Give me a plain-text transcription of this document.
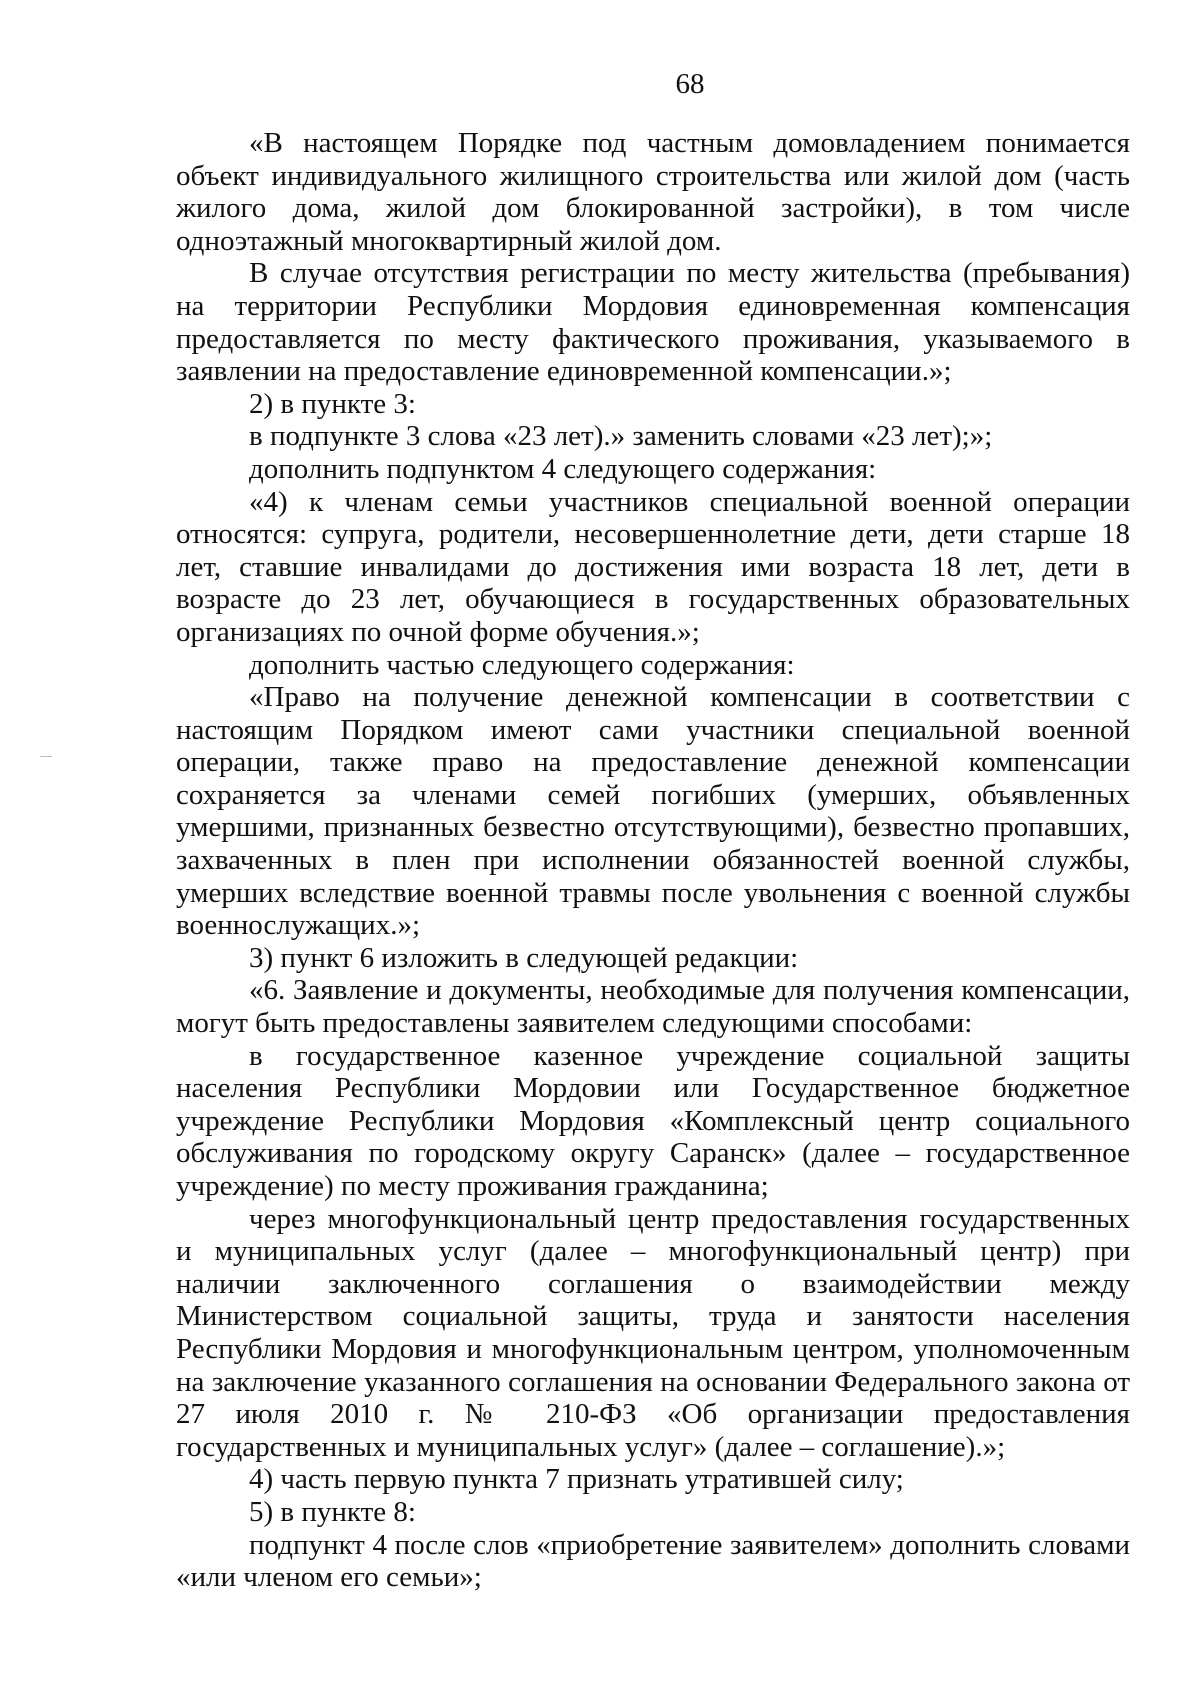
68

«В настоящем Порядке под частным домовладением понимается объект индивидуального жилищного строительства или жилой дом (часть жилого дома, жилой дом блокированной застройки), в том числе одноэтажный многоквартирный жилой дом.

В случае отсутствия регистрации по месту жительства (пребывания) на территории Республики Мордовия единовременная компенсация предоставляется по месту фактического проживания, указываемого в заявлении на предоставление единовременной компенсации.»;

2) в пункте 3:

в подпункте 3 слова «23 лет).» заменить словами «23 лет);»;

дополнить подпунктом 4 следующего содержания:

«4) к членам семьи участников специальной военной операции относятся: супруга, родители, несовершеннолетние дети, дети старше 18 лет, ставшие инвалидами до достижения ими возраста 18 лет, дети в возрасте до 23 лет, обучающиеся в государственных образовательных организациях по очной форме обучения.»;

дополнить частью следующего содержания:

«Право на получение денежной компенсации в соответствии с настоящим Порядком имеют сами участники специальной военной операции, также право на предоставление денежной компенсации сохраняется за членами семей погибших (умерших, объявленных умершими, признанных безвестно отсутствующими), безвестно пропавших, захваченных в плен при исполнении обязанностей военной службы, умерших вследствие военной травмы после увольнения с военной службы военнослужащих.»;

3) пункт 6 изложить в следующей редакции:

«6. Заявление и документы, необходимые для получения компенсации, могут быть предоставлены заявителем следующими способами:

в государственное казенное учреждение социальной защиты населения Республики Мордовии или Государственное бюджетное учреждение Республики Мордовия «Комплексный центр социального обслуживания по городскому округу Саранск» (далее – государственное учреждение) по месту проживания гражданина;

через многофункциональный центр предоставления государственных и муниципальных услуг (далее – многофункциональный центр) при наличии заключенного соглашения о взаимодействии между Министерством социальной защиты, труда и занятости населения Республики Мордовия и многофункциональным центром, уполномоченным на заключение указанного соглашения на основании Федерального закона от 27 июля 2010 г. № 210-ФЗ «Об организации предоставления государственных и муниципальных услуг» (далее – соглашение).»;

4) часть первую пункта 7 признать утратившей силу;

5) в пункте 8:

подпункт 4 после слов «приобретение заявителем» дополнить словами «или членом его семьи»;
